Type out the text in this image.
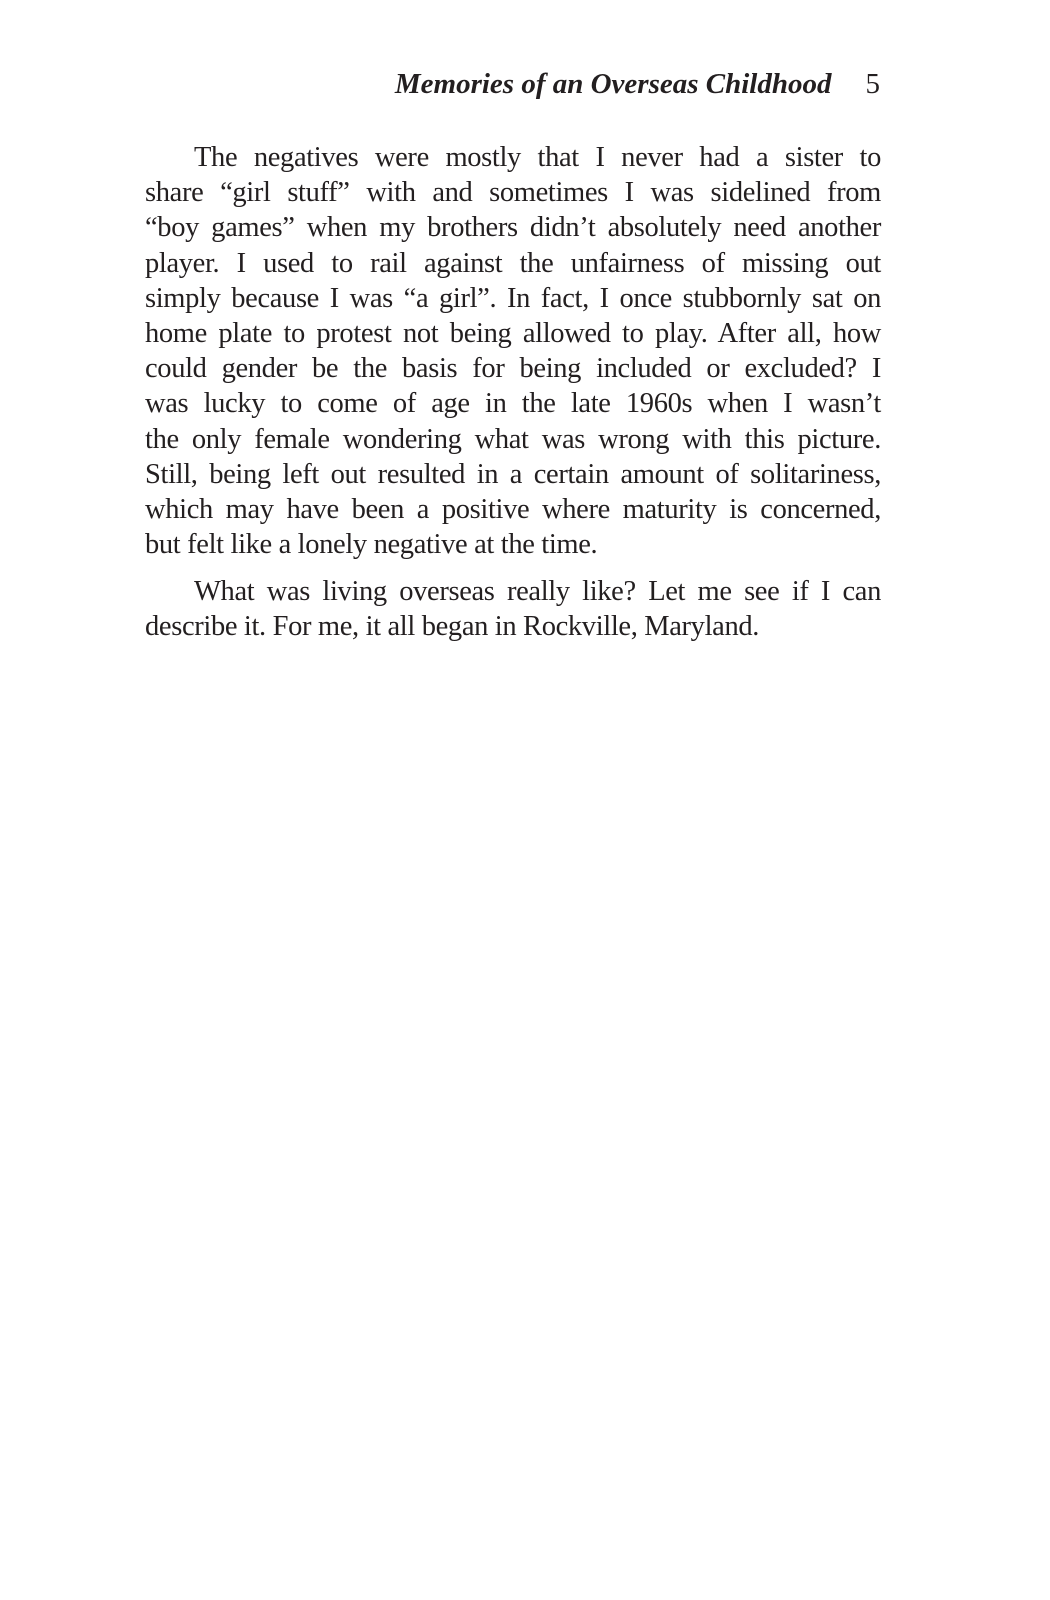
Memories of an Overseas Childhood 5

The negatives were mostly that I never had a sister to
share “girl stuff” with and sometimes I was sidelined from
“boy games” when my brothers didn’t absolutely need another
player. I used to rail against the unfairness of missing out
simply because I was “a girl”. In fact, I once stubbornly sat on
home plate to protest not being allowed to play. After all, how
could gender be the basis for being included or excluded? I
was lucky to come of age in the late 1960s when I wasn’t
the only female wondering what was wrong with this picture.
Still, being left out resulted in a certain amount of solitariness,
which may have been a positive where maturity is concerned,
but felt like a lonely negative at the time.

What was living overseas really like? Let me see if I can
describe it. For me, it all began in Rockville, Maryland.
